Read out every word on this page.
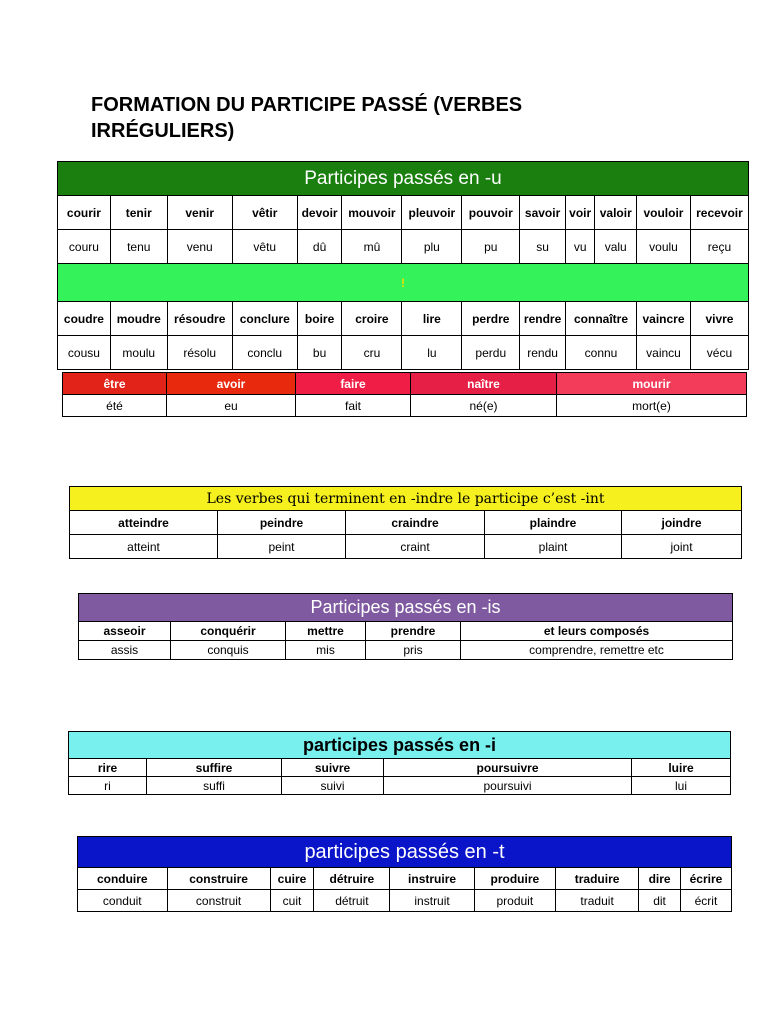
FORMATION DU PARTICIPE PASSÉ (VERBES IRRÉGULIERS)
Participes passés en -u												
courir	tenir	venir	vêtir	devoir	mouvoir	pleuvoir	pouvoir	savoir	voir	valoir	vouloir	recevoir
couru	tenu	venu	vêtu	dû	mû	plu	pu	su	vu	valu	voulu	reçu
!												
coudre	moudre	résoudre	conclure	boire	croire	lire	perdre	rendre	connaître		vaincre	vivre
cousu	moulu	résolu	conclu	bu	cru	lu	perdu	rendu	connu		vaincu	vécu
être	avoir	faire	naître	mourir
été	eu	fait	né(e)	mort(e)
Les verbes qui terminent en -indre le participe c’est -int				
atteindre	peindre	craindre	plaindre	joindre
atteint	peint	craint	plaint	joint
Participes passés en -is				
asseoir	conquérir	mettre	prendre	et leurs composés
assis	conquis	mis	pris	comprendre, remettre etc
participes passés en -i				
rire	suffire	suivre	poursuivre	luire
ri	suffi	suivi	poursuivi	lui
participes passés en -t								
conduire	construire	cuire	détruire	instruire	produire	traduire	dire	écrire
conduit	construit	cuit	détruit	instruit	produit	traduit	dit	écrit
